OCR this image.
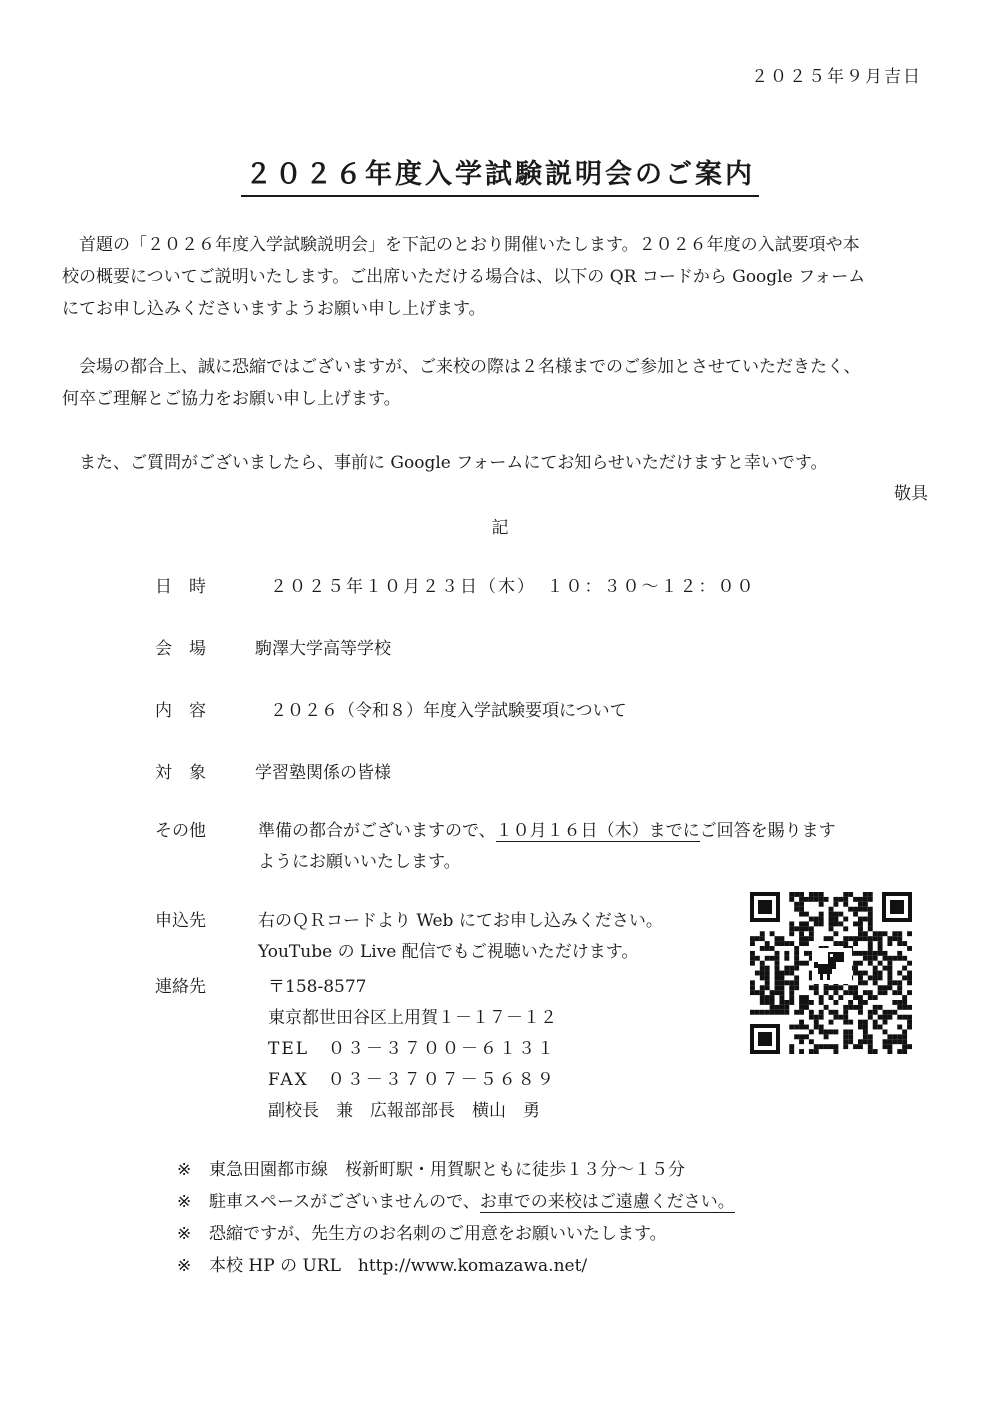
２０２５年９月吉日
２０２６年度入学試験説明会のご案内
首題の「２０２６年度入学試験説明会」を下記のとおり開催いたします。２０２６年度の入試要項や本
校の概要についてご説明いたします。ご出席いただける場合は、以下の QR コードから Google フォーム
にてお申し込みくださいますようお願い申し上げます。
会場の都合上、誠に恐縮ではございますが、ご来校の際は２名様までのご参加とさせていただきたく、
何卒ご理解とご協力をお願い申し上げます。
また、ご質問がございましたら、事前に Google フォームにてお知らせいただけますと幸いです。
敬具
記
日　時	２０２５年１０月２３日（木）　１０：３０〜１２：００
会　場	駒澤大学高等学校
内　容	２０２６（令和８）年度入学試験要項について
対　象	学習塾関係の皆様
その他	準備の都合がございますので、１０月１６日（木）までにご回答を賜ります
ようにお願いいたします。
申込先	右のＱＲコードより Web にてお申し込みください。
YouTube の Live 配信でもご視聴いただけます。
連絡先	〒158-8577
東京都世田谷区上用賀１－１７－１２
TEL　０３－３７００－６１３１
FAX　０３－３７０７－５６８９
副校長　兼　広報部部長　横山　勇
※ 東急田園都市線　桜新町駅・用賀駅ともに徒歩１３分〜１５分
※ 駐車スペースがございませんので、お車での来校はご遠慮ください。
※ 恐縮ですが、先生方のお名刺のご用意をお願いいたします。
※ 本校 HP の URL　http://www.komazawa.net/
